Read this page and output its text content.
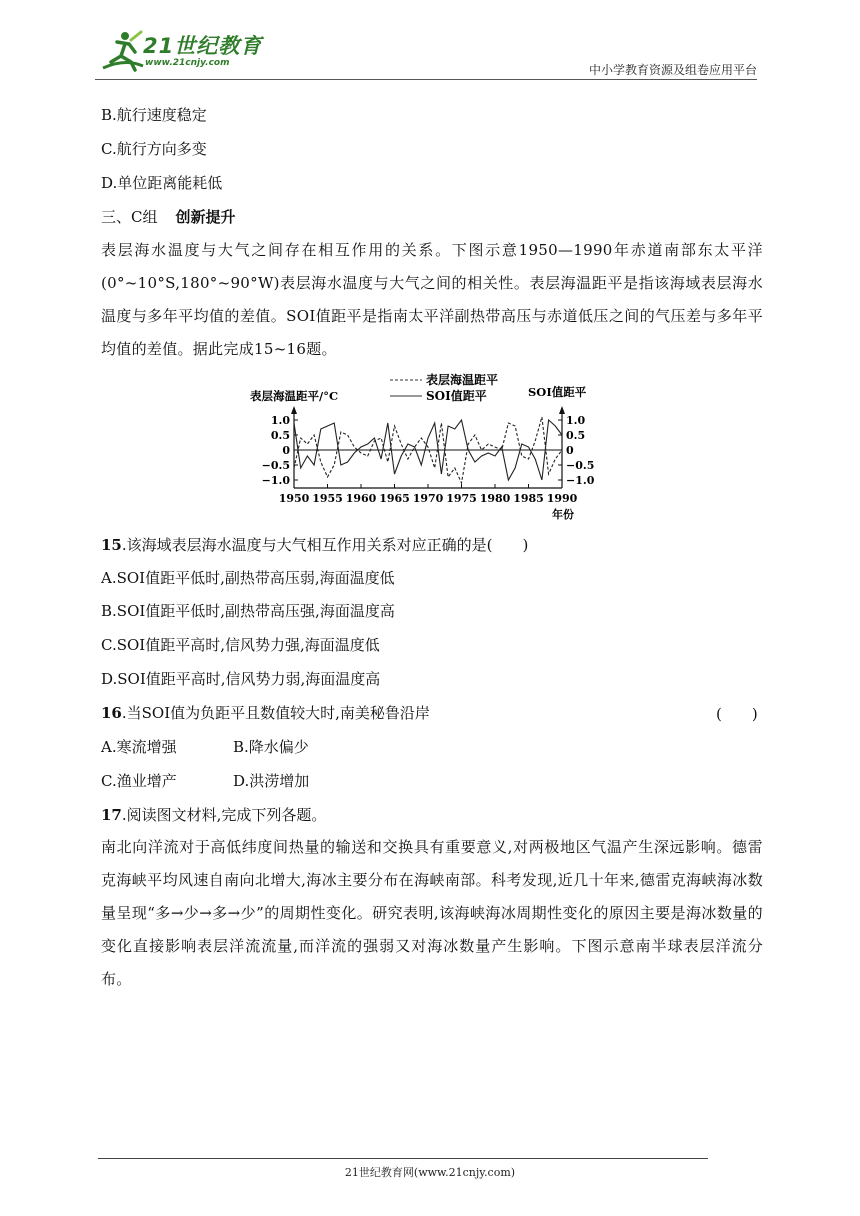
21世纪教育
www.21cnjy.com	中小学教育资源及组卷应用平台
B.航行速度稳定
C.航行方向多变
D.单位距离能耗低
三、C组 创新提升
表层海水温度与大气之间存在相互作用的关系。下图示意1950—1990年赤道南部东太平洋(0°~10°S,180°~90°W)表层海水温度与大气之间的相关性。表层海温距平是指该海域表层海水温度与多年平均值的差值。SOI值距平是指南太平洋副热带高压与赤道低压之间的气压差与多年平均值的差值。据此完成15~16题。
表层海温距平
SOI值距平
表层海温距平/°C	SOI值距平
年份
1.0	1.0
0.5	0.5
0	0
−0.5	−0.5
−1.0	−1.0
1950 1955 1960 1965 1970 1975 1980 1985 1990
15.该海域表层海水温度与大气相互作用关系对应正确的是(　　)
A.SOI值距平低时,副热带高压弱,海面温度低
B.SOI值距平低时,副热带高压强,海面温度高
C.SOI值距平高时,信风势力强,海面温度低
D.SOI值距平高时,信风势力弱,海面温度高
16.当SOI值为负距平且数值较大时,南美秘鲁沿岸	(　　)
A.寒流增强	B.降水偏少
C.渔业增产	D.洪涝增加
17.阅读图文材料,完成下列各题。
南北向洋流对于高低纬度间热量的输送和交换具有重要意义,对两极地区气温产生深远影响。德雷克海峡平均风速自南向北增大,海冰主要分布在海峡南部。科考发现,近几十年来,德雷克海峡海冰数量呈现“多→少→多→少”的周期性变化。研究表明,该海峡海冰周期性变化的原因主要是海冰数量的变化直接影响表层洋流流量,而洋流的强弱又对海冰数量产生影响。下图示意南半球表层洋流分布。
21世纪教育网(www.21cnjy.com)
